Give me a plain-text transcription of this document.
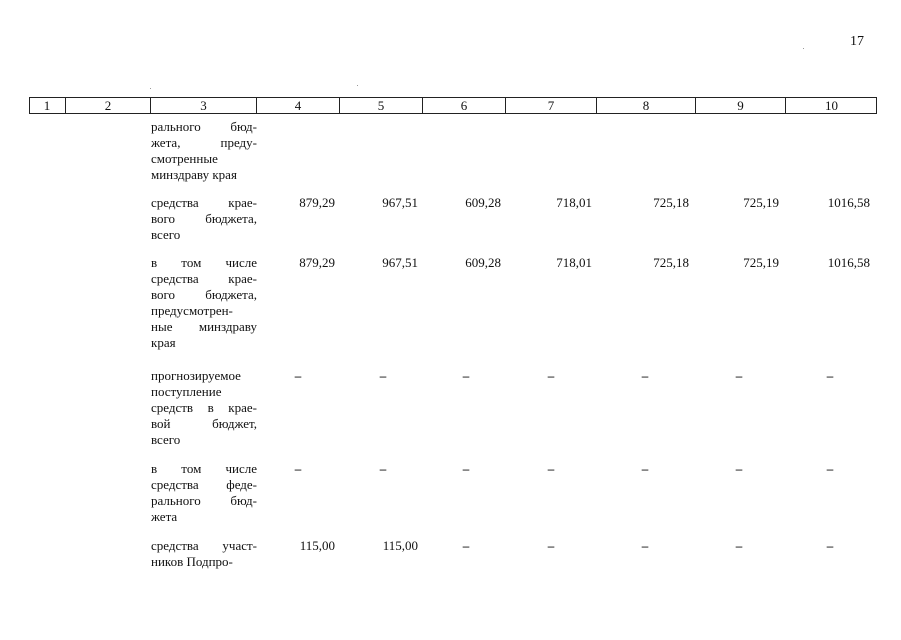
17
1	2	3	4	5	6	7	8	9	10
рального бюд-
жета, преду-
смотренные
минздраву края
средства крае-
вого бюджета,
всего
879,29	967,51	609,28	718,01	725,18	725,19	1016,58
в том числе
средства крае-
вого бюджета,
предусмотрен-
ные минздраву
края
879,29	967,51	609,28	718,01	725,18	725,19	1016,58
прогнозируемое
поступление
средств в крае-
вой бюджет,
всего
–	–	–	–	–	–	–
в том числе
средства феде-
рального бюд-
жета
–	–	–	–	–	–	–
средства участ-
ников Подпро-
115,00	115,00	–	–	–	–	–
